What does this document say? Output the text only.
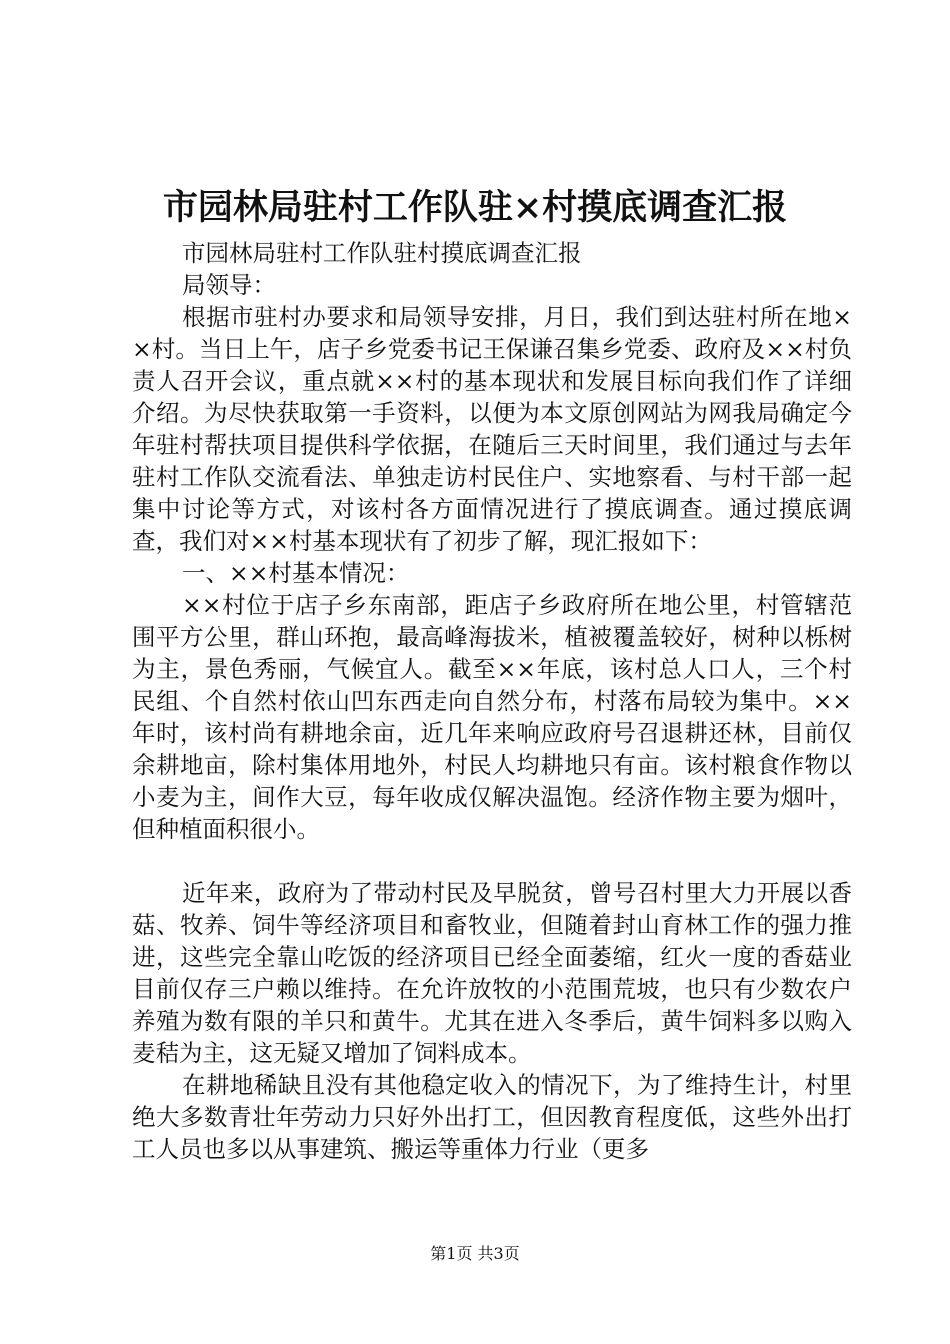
市园林局驻村工作队驻×村摸底调查汇报

市园林局驻村工作队驻村摸底调查汇报

局领导：

根据市驻村办要求和局领导安排，月日，我们到达驻村所在地××村。当日上午，店子乡党委书记王保谦召集乡党委、政府及××村负责人召开会议，重点就××村的基本现状和发展目标向我们作了详细介绍。为尽快获取第一手资料，以便为本文原创网站为网我局确定今年驻村帮扶项目提供科学依据，在随后三天时间里，我们通过与去年驻村工作队交流看法、单独走访村民住户、实地察看、与村干部一起集中讨论等方式，对该村各方面情况进行了摸底调查。通过摸底调查，我们对××村基本现状有了初步了解，现汇报如下：

一、××村基本情况：

××村位于店子乡东南部，距店子乡政府所在地公里，村管辖范围平方公里，群山环抱，最高峰海拔米，植被覆盖较好，树种以栎树为主，景色秀丽，气候宜人。截至××年底，该村总人口人，三个村民组、个自然村依山凹东西走向自然分布，村落布局较为集中。××年时，该村尚有耕地余亩，近几年来响应政府号召退耕还林，目前仅余耕地亩，除村集体用地外，村民人均耕地只有亩。该村粮食作物以小麦为主，间作大豆，每年收成仅解决温饱。经济作物主要为烟叶，但种植面积很小。

近年来，政府为了带动村民及早脱贫，曾号召村里大力开展以香菇、牧养、饲牛等经济项目和畜牧业，但随着封山育林工作的强力推进，这些完全靠山吃饭的经济项目已经全面萎缩，红火一度的香菇业目前仅存三户赖以维持。在允许放牧的小范围荒坡，也只有少数农户养殖为数有限的羊只和黄牛。尤其在进入冬季后，黄牛饲料多以购入麦秸为主，这无疑又增加了饲料成本。

在耕地稀缺且没有其他稳定收入的情况下，为了维持生计，村里绝大多数青壮年劳动力只好外出打工，但因教育程度低，这些外出打工人员也多以从事建筑、搬运等重体力行业（更多

第1页 共3页
